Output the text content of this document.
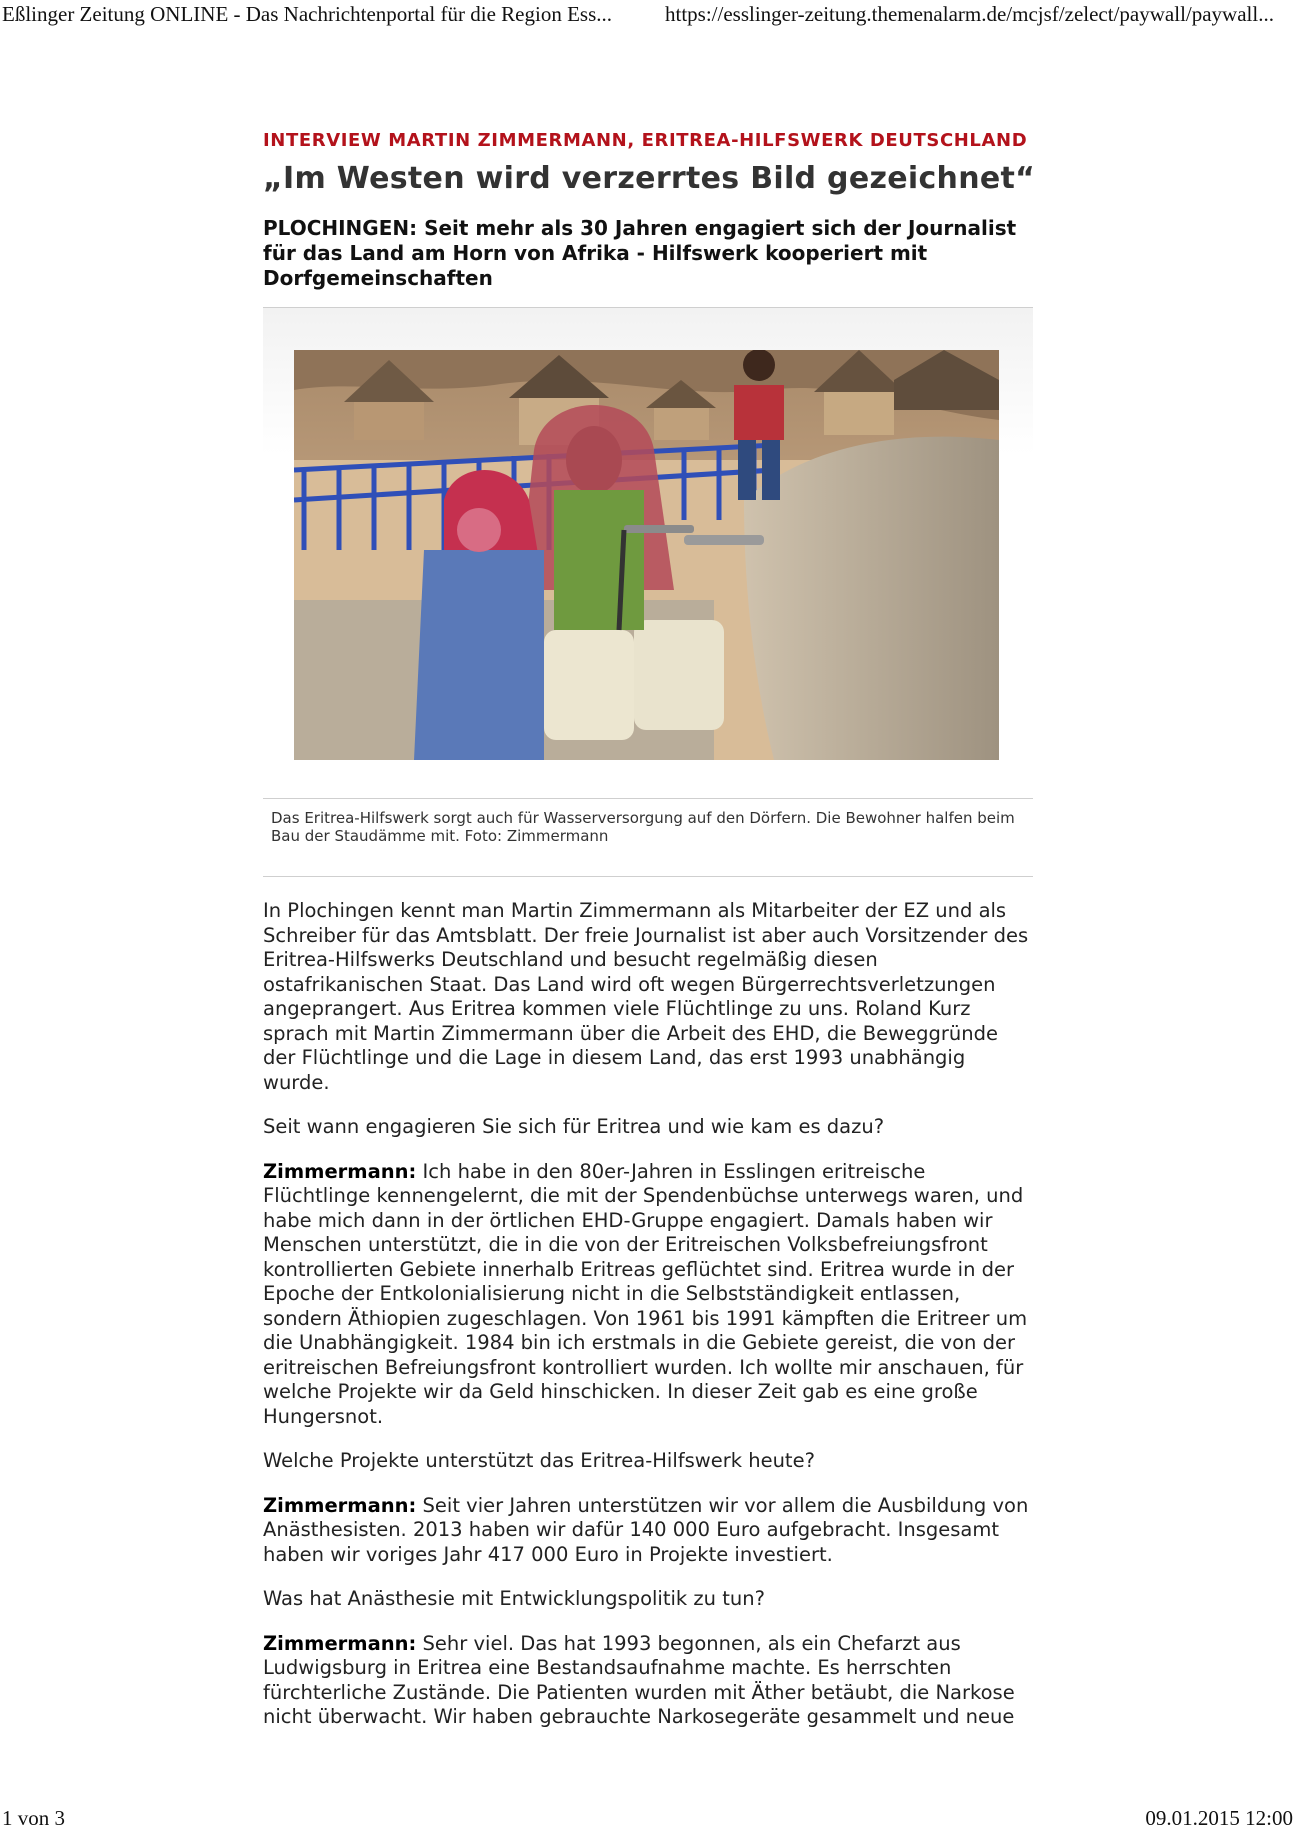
Eßlinger Zeitung ONLINE - Das Nachrichtenportal für die Region Ess...	https://esslinger-zeitung.themenalarm.de/mcjsf/zelect/paywall/paywall...
INTERVIEW MARTIN ZIMMERMANN, ERITREA-HILFSWERK DEUTSCHLAND
„Im Westen wird verzerrtes Bild gezeichnet“
PLOCHINGEN: Seit mehr als 30 Jahren engagiert sich der Journalist für das Land am Horn von Afrika - Hilfswerk kooperiert mit Dorfgemeinschaften
Das Eritrea-Hilfswerk sorgt auch für Wasserversorgung auf den Dörfern. Die Bewohner halfen beim Bau der Staudämme mit. Foto: Zimmermann

In Plochingen kennt man Martin Zimmermann als Mitarbeiter der EZ und als Schreiber für das Amtsblatt. Der freie Journalist ist aber auch Vorsitzender des Eritrea-Hilfswerks Deutschland und besucht regelmäßig diesen ostafrikanischen Staat. Das Land wird oft wegen Bürgerrechtsverletzungen angeprangert. Aus Eritrea kommen viele Flüchtlinge zu uns. Roland Kurz sprach mit Martin Zimmermann über die Arbeit des EHD, die Beweggründe der Flüchtlinge und die Lage in diesem Land, das erst 1993 unabhängig wurde.

Seit wann engagieren Sie sich für Eritrea und wie kam es dazu?

Zimmermann: Ich habe in den 80er-Jahren in Esslingen eritreische Flüchtlinge kennengelernt, die mit der Spendenbüchse unterwegs waren, und habe mich dann in der örtlichen EHD-Gruppe engagiert. Damals haben wir Menschen unterstützt, die in die von der Eritreischen Volksbefreiungsfront kontrollierten Gebiete innerhalb Eritreas geflüchtet sind. Eritrea wurde in der Epoche der Entkolonialisierung nicht in die Selbstständigkeit entlassen, sondern Äthiopien zugeschlagen. Von 1961 bis 1991 kämpften die Eritreer um die Unabhängigkeit. 1984 bin ich erstmals in die Gebiete gereist, die von der eritreischen Befreiungsfront kontrolliert wurden. Ich wollte mir anschauen, für welche Projekte wir da Geld hinschicken. In dieser Zeit gab es eine große Hungersnot.

Welche Projekte unterstützt das Eritrea-Hilfswerk heute?

Zimmermann: Seit vier Jahren unterstützen wir vor allem die Ausbildung von Anästhesisten. 2013 haben wir dafür 140 000 Euro aufgebracht. Insgesamt haben wir voriges Jahr 417 000 Euro in Projekte investiert.

Was hat Anästhesie mit Entwicklungspolitik zu tun?

Zimmermann: Sehr viel. Das hat 1993 begonnen, als ein Chefarzt aus Ludwigsburg in Eritrea eine Bestandsaufnahme machte. Es herrschten fürchterliche Zustände. Die Patienten wurden mit Äther betäubt, die Narkose nicht überwacht. Wir haben gebrauchte Narkosegeräte gesammelt und neue

1 von 3	09.01.2015 12:00
